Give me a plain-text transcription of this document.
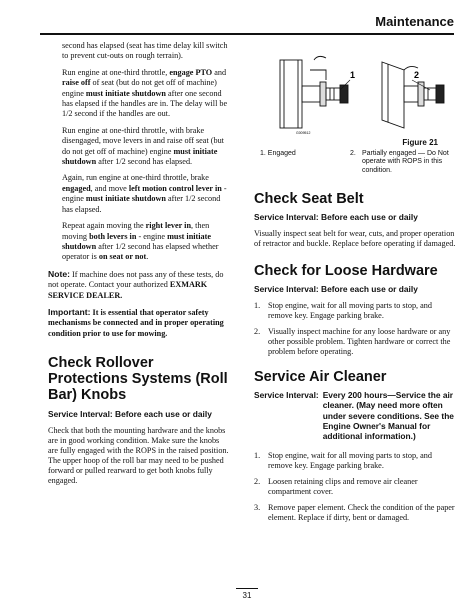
Maintenance

second has elapsed (seat has time delay kill switch to prevent cut-outs on rough terrain).

Run engine at one-third throttle, engage PTO and raise off of seat (but do not get off of machine) engine must initiate shutdown after one second has elapsed if the handles are in. The delay will be 1/2 second if the handles are out.

Run engine at one-third throttle, with brake disengaged, move levers in and raise off seat (but do not get off of machine) engine must initiate shutdown after 1/2 second has elapsed.

Again, run engine at one-third throttle, brake engaged, and move left motion control lever in - engine must initiate shutdown after 1/2 second has elapsed.

Repeat again moving the right lever in, then moving both levers in - engine must initiate shutdown after 1/2 second has elapsed whether operator is on seat or not.

Note: If machine does not pass any of these tests, do not operate. Contact your authorized EXMARK SERVICE DEALER.

Important: It is essential that operator safety mechanisms be connected and in proper operating condition prior to use for mowing.

Check Rollover Protections Systems (Roll Bar) Knobs
Service Interval: Before each use or daily
Check that both the mounting hardware and the knobs are in good working condition. Make sure the knobs are fully engaged with the ROPS in the raised position. The upper hoop of the roll bar may need to be pushed forward or pulled rearward to get both knobs fully engaged.
1	2
G009512
Figure 21
1. Engaged	2. Partially engaged — Do Not operate with ROPS in this condition.
Check Seat Belt
Service Interval: Before each use or daily
Visually inspect seat belt for wear, cuts, and proper operation of retractor and buckle. Replace before operating if damaged.
Check for Loose Hardware
Service Interval: Before each use or daily
1. Stop engine, wait for all moving parts to stop, and remove key. Engage parking brake.
2. Visually inspect machine for any loose hardware or any other possible problem. Tighten hardware or correct the problem before operating.
Service Air Cleaner
Service Interval: Every 200 hours—Service the air cleaner. (May need more often under severe conditions. See the Engine Owner's Manual for additional information.)
1. Stop engine, wait for all moving parts to stop, and remove key. Engage parking brake.
2. Loosen retaining clips and remove air cleaner compartment cover.
3. Remove paper element. Check the condition of the paper element. Replace if dirty, bent or damaged.
31
